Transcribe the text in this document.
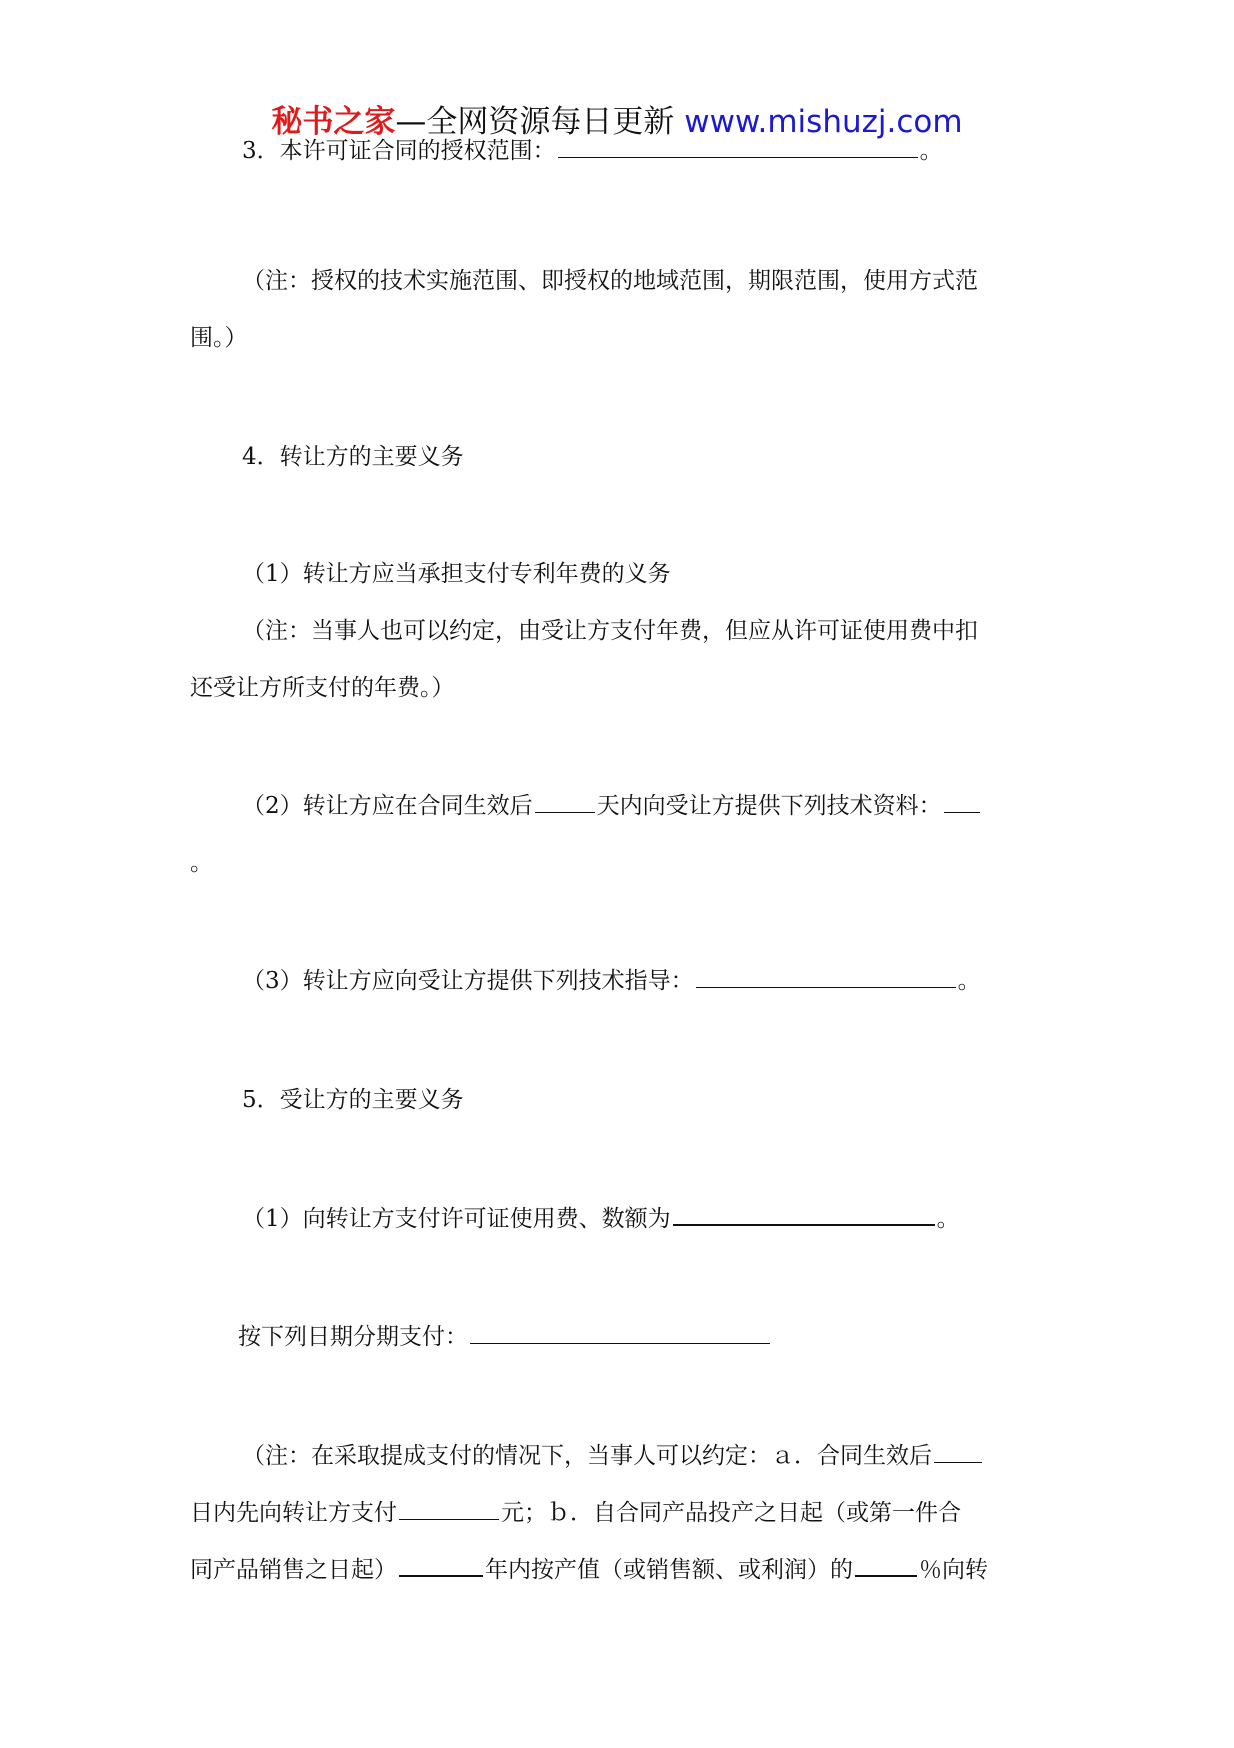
秘书之家—全网资源每日更新 www.mishuzj.com
3．本许可证合同的授权范围：	。
（注：授权的技术实施范围、即授权的地域范围，期限范围，使用方式范
围。）
4．转让方的主要义务
（1）转让方应当承担支付专利年费的义务
（注：当事人也可以约定，由受让方支付年费，但应从许可证使用费中扣
还受让方所支付的年费。）
（2）转让方应在合同生效后	天内向受让方提供下列技术资料：
。
（3）转让方应向受让方提供下列技术指导：	。
5．受让方的主要义务
（1）向转让方支付许可证使用费、数额为	。
按下列日期分期支付：
（注：在采取提成支付的情况下，当事人可以约定：ａ．合同生效后
日内先向转让方支付	元；ｂ．自合同产品投产之日起（或第一件合
同产品销售之日起）	年内按产值（或销售额、或利润）的	％向转
